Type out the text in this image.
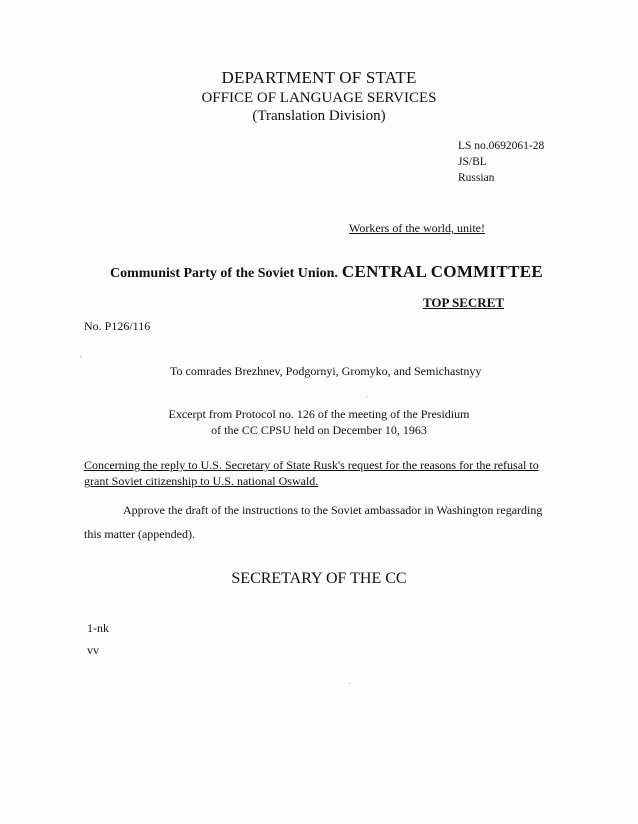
DEPARTMENT OF STATE
OFFICE OF LANGUAGE SERVICES
(Translation Division)
LS no.0692061-28
JS/BL
Russian
Workers of the world, unite!
Communist Party of the Soviet Union. CENTRAL COMMITTEE
TOP SECRET
No. P126/116
To comrades Brezhnev, Podgornyi, Gromyko, and Semichastnyy
Excerpt from Protocol no. 126 of the meeting of the Presidium
of the CC CPSU held on December 10, 1963
Concerning the reply to U.S. Secretary of State Rusk's request for the reasons for the refusal to
grant Soviet citizenship to U.S. national Oswald.
Approve the draft of the instructions to the Soviet ambassador in Washington regarding
this matter (appended).
SECRETARY OF THE CC
1-nk
vv
